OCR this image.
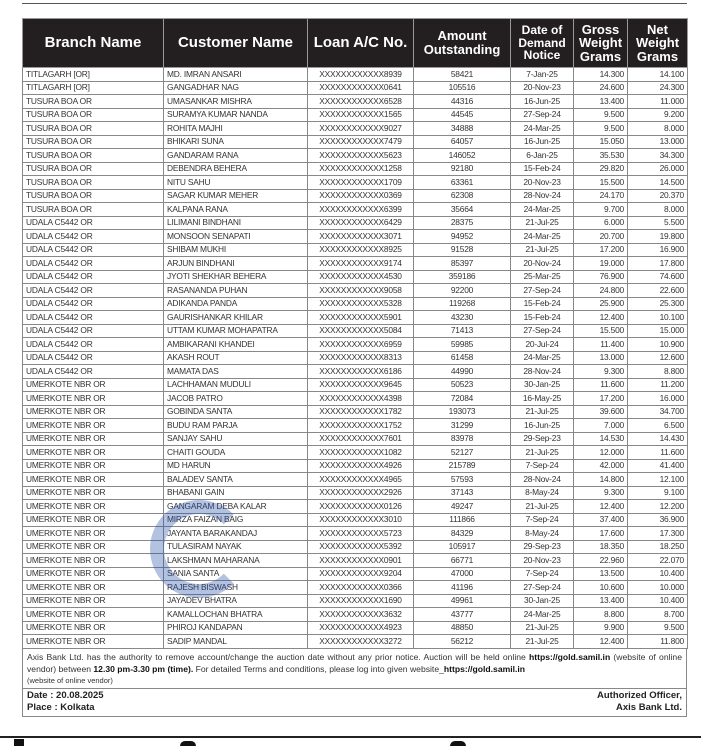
Branch Name	Customer Name	Loan A/C No.	Amount Outstanding	Date of Demand Notice	Gross Weight Grams	Net Weight Grams
TITLAGARH [OR]	MD. IMRAN ANSARI	XXXXXXXXXXXX8939	58421	7-Jan-25	14.300	14.100
TITLAGARH [OR]	GANGADHAR NAG	XXXXXXXXXXXX0641	105516	20-Nov-23	24.600	24.300
TUSURA BOA OR	UMASANKAR MISHRA	XXXXXXXXXXXX6528	44316	16-Jun-25	13.400	11.000
TUSURA BOA OR	SURAMYA KUMAR NANDA	XXXXXXXXXXXX1565	44545	27-Sep-24	9.500	9.200
TUSURA BOA OR	ROHITA MAJHI	XXXXXXXXXXXX9027	34888	24-Mar-25	9.500	8.000
TUSURA BOA OR	BHIKARI SUNA	XXXXXXXXXXXX7479	64057	16-Jun-25	15.050	13.000
TUSURA BOA OR	GANDARAM RANA	XXXXXXXXXXXX5623	146052	6-Jan-25	35.530	34.300
TUSURA BOA OR	DEBENDRA BEHERA	XXXXXXXXXXXX1258	92180	15-Feb-24	29.820	26.000
TUSURA BOA OR	NITU SAHU	XXXXXXXXXXXX1709	63361	20-Nov-23	15.500	14.500
TUSURA BOA OR	SAGAR KUMAR MEHER	XXXXXXXXXXXX0369	62308	28-Nov-24	24.170	20.370
TUSURA BOA OR	KALPANA RANA	XXXXXXXXXXXX6399	35664	24-Mar-25	9.700	8.000
UDALA C5442 OR	LILIMANI BINDHANI	XXXXXXXXXXXX6429	28375	21-Jul-25	6.000	5.500
UDALA C5442 OR	MONSOON SENAPATI	XXXXXXXXXXXX3071	94952	24-Mar-25	20.700	19.800
UDALA C5442 OR	SHIBAM MUKHI	XXXXXXXXXXXX8925	91528	21-Jul-25	17.200	16.900
UDALA C5442 OR	ARJUN BINDHANI	XXXXXXXXXXXX9174	85397	20-Nov-24	19.000	17.800
UDALA C5442 OR	JYOTI SHEKHAR BEHERA	XXXXXXXXXXXX4530	359186	25-Mar-25	76.900	74.600
UDALA C5442 OR	RASANANDA PUHAN	XXXXXXXXXXXX9058	92200	27-Sep-24	24.800	22.600
UDALA C5442 OR	ADIKANDA PANDA	XXXXXXXXXXXX5328	119268	15-Feb-24	25.900	25.300
UDALA C5442 OR	GAURISHANKAR KHILAR	XXXXXXXXXXXX5901	43230	15-Feb-24	12.400	10.100
UDALA C5442 OR	UTTAM KUMAR MOHAPATRA	XXXXXXXXXXXX5084	71413	27-Sep-24	15.500	15.000
UDALA C5442 OR	AMBIKARANI KHANDEI	XXXXXXXXXXXX6959	59985	20-Jul-24	11.400	10.900
UDALA C5442 OR	AKASH ROUT	XXXXXXXXXXXX8313	61458	24-Mar-25	13.000	12.600
UDALA C5442 OR	MAMATA DAS	XXXXXXXXXXXX6186	44990	28-Nov-24	9.300	8.800
UMERKOTE NBR OR	LACHHAMAN MUDULI	XXXXXXXXXXXX9645	50523	30-Jan-25	11.600	11.200
UMERKOTE NBR OR	JACOB PATRO	XXXXXXXXXXXX4398	72084	16-May-25	17.200	16.000
UMERKOTE NBR OR	GOBINDA SANTA	XXXXXXXXXXXX1782	193073	21-Jul-25	39.600	34.700
UMERKOTE NBR OR	BUDU RAM PARJA	XXXXXXXXXXXX1752	31299	16-Jun-25	7.000	6.500
UMERKOTE NBR OR	SANJAY SAHU	XXXXXXXXXXXX7601	83978	29-Sep-23	14.530	14.430
UMERKOTE NBR OR	CHAITI GOUDA	XXXXXXXXXXXX1082	52127	21-Jul-25	12.000	11.600
UMERKOTE NBR OR	MD HARUN	XXXXXXXXXXXX4926	215789	7-Sep-24	42.000	41.400
UMERKOTE NBR OR	BALADEV SANTA	XXXXXXXXXXXX4965	57593	28-Nov-24	14.800	12.100
UMERKOTE NBR OR	BHABANI GAIN	XXXXXXXXXXXX2926	37143	8-May-24	9.300	9.100
UMERKOTE NBR OR	GANGARAM DEBA KALAR	XXXXXXXXXXXX0126	49247	21-Jul-25	12.400	12.200
UMERKOTE NBR OR	MIRZA FAIZAN BAIG	XXXXXXXXXXXX3010	111866	7-Sep-24	37.400	36.900
UMERKOTE NBR OR	JAYANTA BARAKANDAJ	XXXXXXXXXXXX5723	84329	8-May-24	17.600	17.300
UMERKOTE NBR OR	TULASIRAM NAYAK	XXXXXXXXXXXX5392	105917	29-Sep-23	18.350	18.250
UMERKOTE NBR OR	LAKSHMAN MAHARANA	XXXXXXXXXXXX0901	66771	20-Nov-23	22.960	22.070
UMERKOTE NBR OR	SANIA SANTA	XXXXXXXXXXXX9204	47000	7-Sep-24	13.500	10.400
UMERKOTE NBR OR	RAJESH BISWASH	XXXXXXXXXXXX0366	41196	27-Sep-24	10.600	10.000
UMERKOTE NBR OR	JAYADEV BHATRA	XXXXXXXXXXXX1690	49961	30-Jan-25	13.400	10.400
UMERKOTE NBR OR	KAMALLOCHAN BHATRA	XXXXXXXXXXXX3632	43777	24-Mar-25	8.800	8.700
UMERKOTE NBR OR	PHIROJ KANDAPAN	XXXXXXXXXXXX4923	48850	21-Jul-25	9.900	9.500
UMERKOTE NBR OR	SADIP MANDAL	XXXXXXXXXXXX3272	56212	21-Jul-25	12.400	11.800
Axis Bank Ltd. has the authority to remove account/change the auction date without any prior notice. Auction will be held online https://gold.samil.in (website of online vendor) between 12.30 pm-3.30 pm (time). For detailed Terms and conditions, please log into given website_https://gold.samil.in
(website of online vendor)
Date : 20.08.2025
Place : Kolkata
Authorized Officer,
Axis Bank Ltd.
